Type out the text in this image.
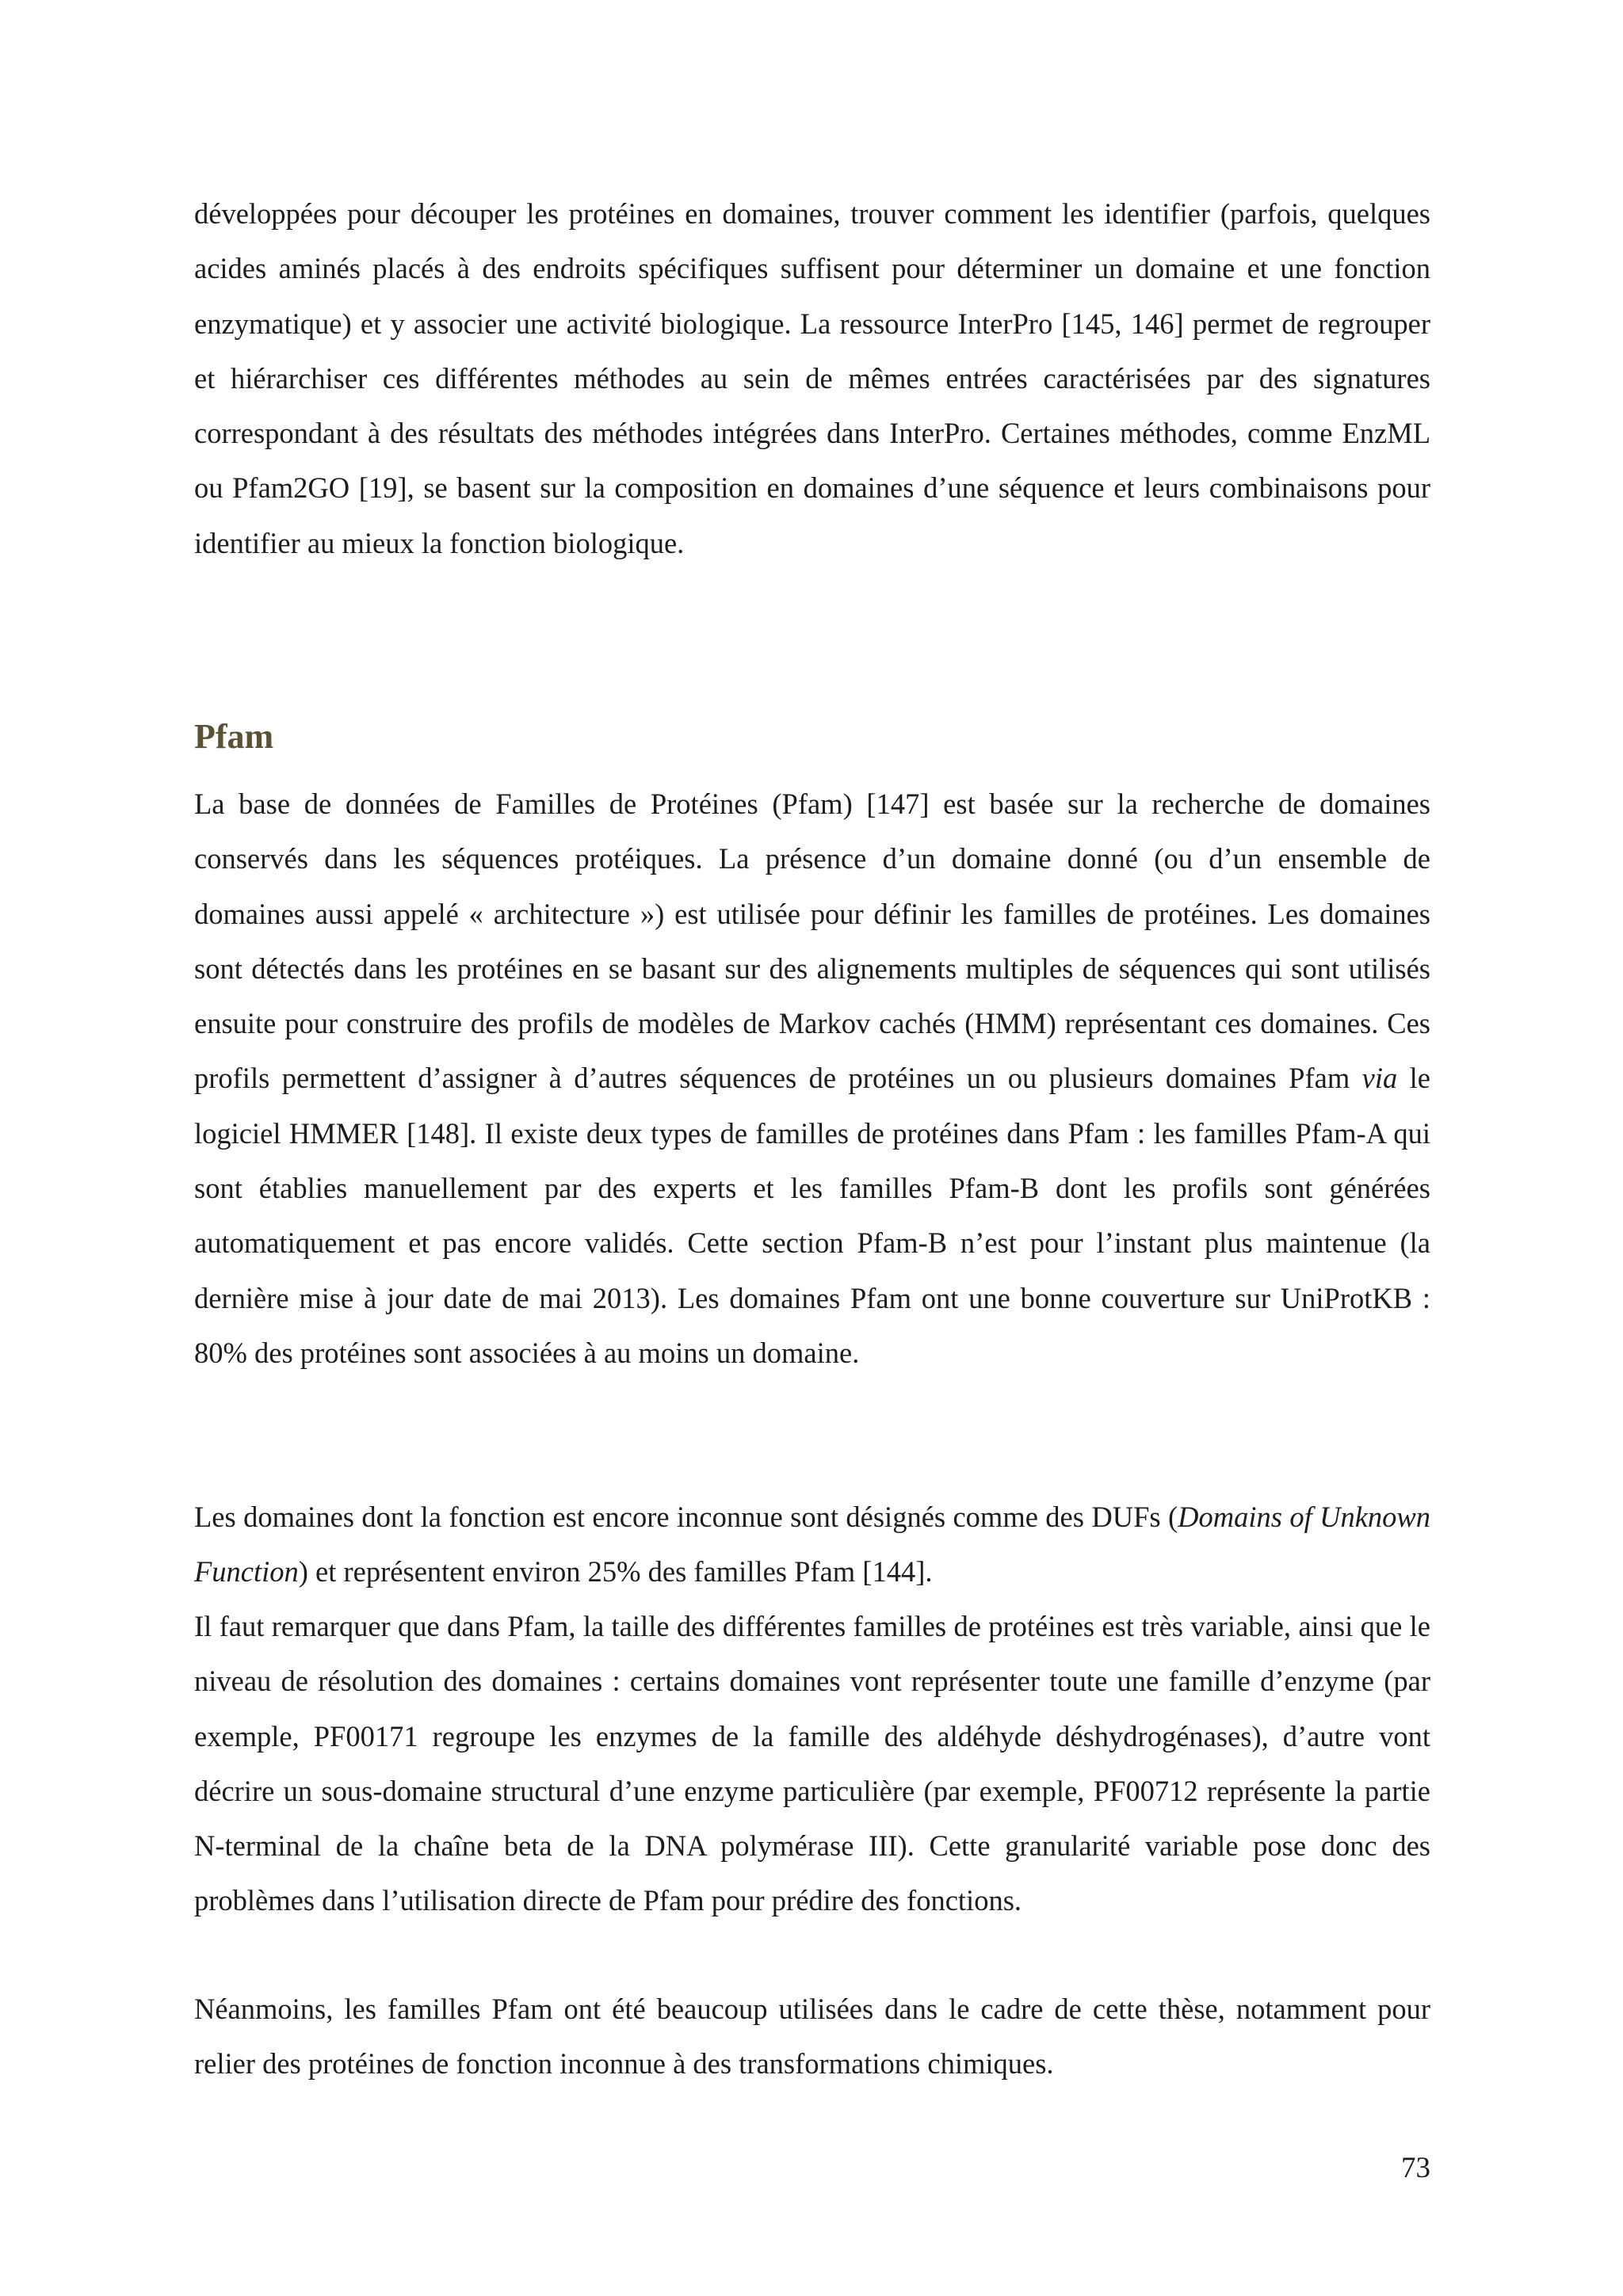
développées pour découper les protéines en domaines, trouver comment les identifier (parfois, quelques acides aminés placés à des endroits spécifiques suffisent pour déterminer un domaine et une fonction enzymatique) et y associer une activité biologique. La ressource InterPro [145, 146] permet de regrouper et hiérarchiser ces différentes méthodes au sein de mêmes entrées caractérisées par des signatures correspondant à des résultats des méthodes intégrées dans InterPro. Certaines méthodes, comme EnzML ou Pfam2GO [19], se basent sur la composition en domaines d’une séquence et leurs combinaisons pour identifier au mieux la fonction biologique.

Pfam

La base de données de Familles de Protéines (Pfam) [147] est basée sur la recherche de domaines conservés dans les séquences protéiques. La présence d’un domaine donné (ou d’un ensemble de domaines aussi appelé « architecture ») est utilisée pour définir les familles de protéines. Les domaines sont détectés dans les protéines en se basant sur des alignements multiples de séquences qui sont utilisés ensuite pour construire des profils de modèles de Markov cachés (HMM) représentant ces domaines. Ces profils permettent d’assigner à d’autres séquences de protéines un ou plusieurs domaines Pfam via le logiciel HMMER [148]. Il existe deux types de familles de protéines dans Pfam : les familles Pfam-A qui sont établies manuellement par des experts et les familles Pfam-B dont les profils sont générées automatiquement et pas encore validés. Cette section Pfam-B n’est pour l’instant plus maintenue (la dernière mise à jour date de mai 2013). Les domaines Pfam ont une bonne couverture sur UniProtKB : 80% des protéines sont associées à au moins un domaine.

Les domaines dont la fonction est encore inconnue sont désignés comme des DUFs (Domains of Unknown Function) et représentent environ 25% des familles Pfam [144].

Il faut remarquer que dans Pfam, la taille des différentes familles de protéines est très variable, ainsi que le niveau de résolution des domaines : certains domaines vont représenter toute une famille d’enzyme (par exemple, PF00171 regroupe les enzymes de la famille des aldéhyde déshydrogénases), d’autre vont décrire un sous-domaine structural d’une enzyme particulière (par exemple, PF00712 représente la partie N-terminal de la chaîne beta de la DNA polymérase III). Cette granularité variable pose donc des problèmes dans l’utilisation directe de Pfam pour prédire des fonctions.

Néanmoins, les familles Pfam ont été beaucoup utilisées dans le cadre de cette thèse, notamment pour relier des protéines de fonction inconnue à des transformations chimiques.

73
